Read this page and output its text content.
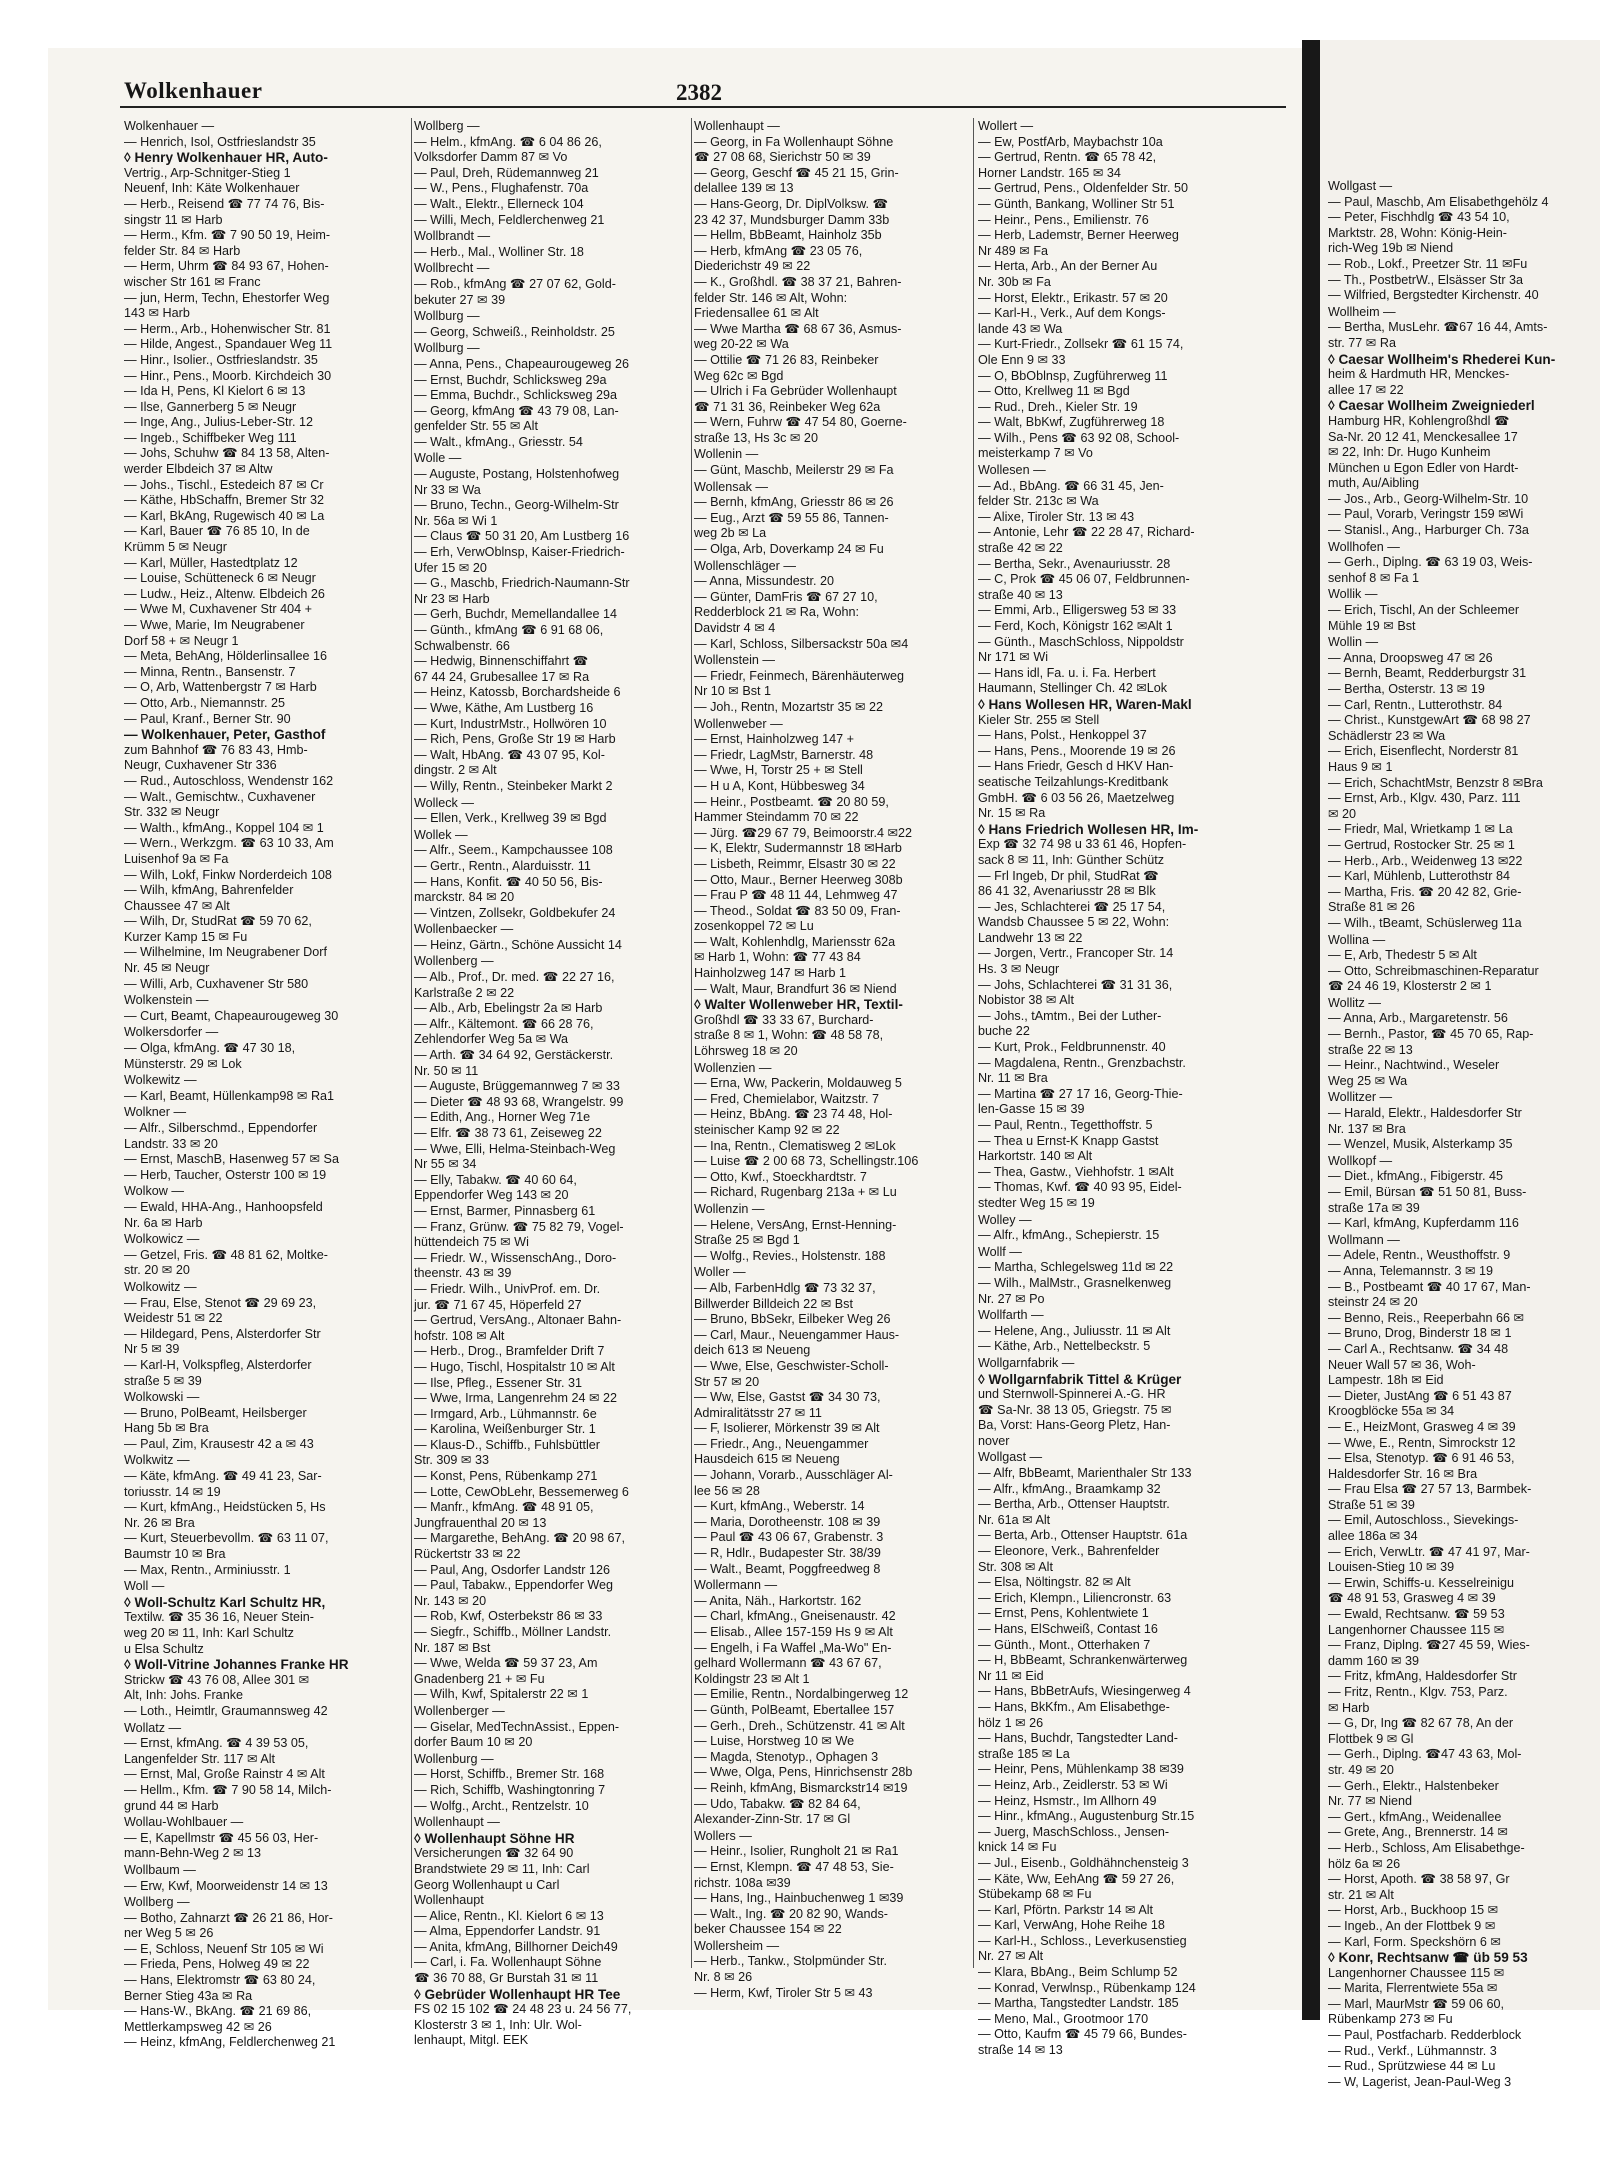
Wolkenhauer	2382
Wolkenhauer —
— Henrich, Isol, Ostfrieslandstr 35
◊ Henry Wolkenhauer HR, Auto-
Vertrig., Arp-Schnitger-Stieg 1
Neuenf, Inh: Käte Wolkenhauer
— Herb., Reisend ☎ 77 74 76, Bis-
singstr 11 ✉ Harb
— Herm., Kfm. ☎ 7 90 50 19, Heim-
felder Str. 84 ✉ Harb
— Herm, Uhrm ☎ 84 93 67, Hohen-
wischer Str 161 ✉ Franc
— jun, Herm, Techn, Ehestorfer Weg
143 ✉ Harb
— Herm., Arb., Hohenwischer Str. 81
— Hilde, Angest., Spandauer Weg 11
— Hinr., Isolier., Ostfrieslandstr. 35
— Hinr., Pens., Moorb. Kirchdeich 30
— Ida H, Pens, Kl Kielort 6 ✉ 13
— Ilse, Gannerberg 5 ✉ Neugr
— Inge, Ang., Julius-Leber-Str. 12
— Ingeb., Schiffbeker Weg 111
— Johs, Schuhw ☎ 84 13 58, Alten-
werder Elbdeich 37 ✉ Altw
— Johs., Tischl., Estedeich 87 ✉ Cr
— Käthe, HbSchaffn, Bremer Str 32
— Karl, BkAng, Rugewisch 40 ✉ La
— Karl, Bauer ☎ 76 85 10, In de
Krümm 5 ✉ Neugr
— Karl, Müller, Hastedtplatz 12
— Louise, Schütteneck 6 ✉ Neugr
— Ludw., Heiz., Altenw. Elbdeich 26
— Wwe M, Cuxhavener Str 404 +
— Wwe, Marie, Im Neugrabener
Dorf 58 + ✉ Neugr 1
— Meta, BehAng, Hölderlinsallee 16
— Minna, Rentn., Bansenstr. 7
— O, Arb, Wattenbergstr 7 ✉ Harb
— Otto, Arb., Niemannstr. 25
— Paul, Kranf., Berner Str. 90
— Wolkenhauer, Peter, Gasthof
zum Bahnhof ☎ 76 83 43, Hmb-
Neugr, Cuxhavener Str 336
— Rud., Autoschloss, Wendenstr 162
— Walt., Gemischtw., Cuxhavener
Str. 332 ✉ Neugr
— Walth., kfmAng., Koppel 104 ✉ 1
— Wern., Werkzgm. ☎ 63 10 33, Am
Luisenhof 9a ✉ Fa
— Wilh, Lokf, Finkw Norderdeich 108
— Wilh, kfmAng, Bahrenfelder
Chaussee 47 ✉ Alt
— Wilh, Dr, StudRat ☎ 59 70 62,
Kurzer Kamp 15 ✉ Fu
— Wilhelmine, Im Neugrabener Dorf
Nr. 45 ✉ Neugr
— Willi, Arb, Cuxhavener Str 580
Wolkenstein —
— Curt, Beamt, Chapeaurougeweg 30
Wolkersdorfer —
— Olga, kfmAng. ☎ 47 30 18,
Münsterstr. 29 ✉ Lok
Wolkewitz —
— Karl, Beamt, Hüllenkamp98 ✉ Ra1
Wolkner —
— Alfr., Silberschmd., Eppendorfer
Landstr. 33 ✉ 20
— Ernst, MaschB, Hasenweg 57 ✉ Sa
— Herb, Taucher, Osterstr 100 ✉ 19
Wolkow —
— Ewald, HHA-Ang., Hanhoopsfeld
Nr. 6a ✉ Harb
Wolkowicz —
— Getzel, Fris. ☎ 48 81 62, Moltke-
str. 20 ✉ 20
Wolkowitz —
— Frau, Else, Stenot ☎ 29 69 23,
Weidestr 51 ✉ 22
— Hildegard, Pens, Alsterdorfer Str
Nr 5 ✉ 39
— Karl-H, Volkspfleg, Alsterdorfer
straße 5 ✉ 39
Wolkowski —
— Bruno, PolBeamt, Heilsberger
Hang 5b ✉ Bra
— Paul, Zim, Krausestr 42 a ✉ 43
Wolkwitz —
— Käte, kfmAng. ☎ 49 41 23, Sar-
toriusstr. 14 ✉ 19
— Kurt, kfmAng., Heidstücken 5, Hs
Nr. 26 ✉ Bra
— Kurt, Steuerbevollm. ☎ 63 11 07,
Baumstr 10 ✉ Bra
— Max, Rentn., Arminiusstr. 1
Woll —
◊ Woll-Schultz Karl Schultz HR,
Textilw. ☎ 35 36 16, Neuer Stein-
weg 20 ✉ 11, Inh: Karl Schultz
u Elsa Schultz
◊ Woll-Vitrine Johannes Franke HR
Strickw ☎ 43 76 08, Allee 301 ✉
Alt, Inh: Johs. Franke
— Loth., Heimtlr, Graumannsweg 42
Wollatz —
— Ernst, kfmAng. ☎ 4 39 53 05,
Langenfelder Str. 117 ✉ Alt
— Ernst, Mal, Große Rainstr 4 ✉ Alt
— Hellm., Kfm. ☎ 7 90 58 14, Milch-
grund 44 ✉ Harb
Wollau-Wohlbauer —
— E, Kapellmstr ☎ 45 56 03, Her-
mann-Behn-Weg 2 ✉ 13
Wollbaum —
— Erw, Kwf, Moorweidenstr 14 ✉ 13
Wollberg —
— Botho, Zahnarzt ☎ 26 21 86, Hor-
ner Weg 5 ✉ 26
— E, Schloss, Neuenf Str 105 ✉ Wi
— Frieda, Pens, Holweg 49 ✉ 22
— Hans, Elektromstr ☎ 63 80 24,
Berner Stieg 43a ✉ Ra
— Hans-W., BkAng. ☎ 21 69 86,
Mettlerkampsweg 42 ✉ 26
— Heinz, kfmAng, Feldlerchenweg 21
Wollberg —
— Helm., kfmAng. ☎ 6 04 86 26,
Volksdorfer Damm 87 ✉ Vo
— Paul, Dreh, Rüdemannweg 21
— W., Pens., Flughafenstr. 70a
— Walt., Elektr., Ellerneck 104
— Willi, Mech, Feldlerchenweg 21
Wollbrandt —
— Herb., Mal., Wolliner Str. 18
Wollbrecht —
— Rob., kfmAng ☎ 27 07 62, Gold-
bekuter 27 ✉ 39
Wollburg —
— Georg, Schweiß., Reinholdstr. 25
Wollburg —
— Anna, Pens., Chapeaurougeweg 26
— Ernst, Buchdr, Schlicksweg 29a
— Emma, Buchdr., Schlicksweg 29a
— Georg, kfmAng ☎ 43 79 08, Lan-
genfelder Str. 55 ✉ Alt
— Walt., kfmAng., Griesstr. 54
Wolle —
— Auguste, Postang, Holstenhofweg
Nr 33 ✉ Wa
— Bruno, Techn., Georg-Wilhelm-Str
Nr. 56a ✉ Wi 1
— Claus ☎ 50 31 20, Am Lustberg 16
— Erh, VerwOblnsp, Kaiser-Friedrich-
Ufer 15 ✉ 20
— G., Maschb, Friedrich-Naumann-Str
Nr 23 ✉ Harb
— Gerh, Buchdr, Memellandallee 14
— Günth., kfmAng ☎ 6 91 68 06,
Schwalbenstr. 66
— Hedwig, Binnenschiffahrt ☎
67 44 24, Grubesallee 17 ✉ Ra
— Heinz, Katossb, Borchardsheide 6
— Wwe, Käthe, Am Lustberg 16
— Kurt, IndustrMstr., Hollwören 10
— Rich, Pens, Große Str 19 ✉ Harb
— Walt, HbAng. ☎ 43 07 95, Kol-
dingstr. 2 ✉ Alt
— Willy, Rentn., Steinbeker Markt 2
Wolleck —
— Ellen, Verk., Krellweg 39 ✉ Bgd
Wollek —
— Alfr., Seem., Kampchaussee 108
— Gertr., Rentn., Alarduisstr. 11
— Hans, Konfit. ☎ 40 50 56, Bis-
marckstr. 84 ✉ 20
— Vintzen, Zollsekr, Goldbekufer 24
Wollenbaecker —
— Heinz, Gärtn., Schöne Aussicht 14
Wollenberg —
— Alb., Prof., Dr. med. ☎ 22 27 16,
Karlstraße 2 ✉ 22
— Alb., Arb, Ebelingstr 2a ✉ Harb
— Alfr., Kältemont. ☎ 66 28 76,
Zehlendorfer Weg 5a ✉ Wa
— Arth. ☎ 34 64 92, Gerstäckerstr.
Nr. 50 ✉ 11
— Auguste, Brüggemannweg 7 ✉ 33
— Dieter ☎ 48 93 68, Wrangelstr. 99
— Edith, Ang., Horner Weg 71e
— Elfr. ☎ 38 73 61, Zeiseweg 22
— Wwe, Elli, Helma-Steinbach-Weg
Nr 55 ✉ 34
— Elly, Tabakw. ☎ 40 60 64,
Eppendorfer Weg 143 ✉ 20
— Ernst, Barmer, Pinnasberg 61
— Franz, Grünw. ☎ 75 82 79, Vogel-
hüttendeich 75 ✉ Wi
— Friedr. W., WissenschAng., Doro-
theenstr. 43 ✉ 39
— Friedr. Wilh., UnivProf. em. Dr.
jur. ☎ 71 67 45, Höperfeld 27
— Gertrud, VersAng., Altonaer Bahn-
hofstr. 108 ✉ Alt
— Herb., Drog., Bramfelder Drift 7
— Hugo, Tischl, Hospitalstr 10 ✉ Alt
— Ilse, Pfleg., Essener Str. 31
— Wwe, Irma, Langenrehm 24 ✉ 22
— Irmgard, Arb., Lühmannstr. 6e
— Karolina, Weißenburger Str. 1
— Klaus-D., Schiffb., Fuhlsbüttler
Str. 309 ✉ 33
— Konst, Pens, Rübenkamp 271
— Lotte, CewObLehr, Bessemerweg 6
— Manfr., kfmAng. ☎ 48 91 05,
Jungfrauenthal 20 ✉ 13
— Margarethe, BehAng. ☎ 20 98 67,
Rückertstr 33 ✉ 22
— Paul, Ang, Osdorfer Landstr 126
— Paul, Tabakw., Eppendorfer Weg
Nr. 143 ✉ 20
— Rob, Kwf, Osterbekstr 86 ✉ 33
— Siegfr., Schiffb., Möllner Landstr.
Nr. 187 ✉ Bst
— Wwe, Welda ☎ 59 37 23, Am
Gnadenberg 21 + ✉ Fu
— Wilh, Kwf, Spitalerstr 22 ✉ 1
Wollenberger —
— Giselar, MedTechnAssist., Eppen-
dorfer Baum 10 ✉ 20
Wollenburg —
— Horst, Schiffb., Bremer Str. 168
— Rich, Schiffb, Washingtonring 7
— Wolfg., Archt., Rentzelstr. 10
Wollenhaupt —
◊ Wollenhaupt Söhne HR
Versicherungen ☎ 32 64 90
Brandstwiete 29 ✉ 11, Inh: Carl
Georg Wollenhaupt u Carl
Wollenhaupt
— Alice, Rentn., Kl. Kielort 6 ✉ 13
— Alma, Eppendorfer Landstr. 91
— Anita, kfmAng, Billhorner Deich49
— Carl, i. Fa. Wollenhaupt Söhne
☎ 36 70 88, Gr Burstah 31 ✉ 11
◊ Gebrüder Wollenhaupt HR Tee
FS 02 15 102 ☎ 24 48 23 u. 24 56 77,
Klosterstr 3 ✉ 1, Inh: Ulr. Wol-
lenhaupt, Mitgl. EEK
Wollenhaupt —
— Georg, in Fa Wollenhaupt Söhne
☎ 27 08 68, Sierichstr 50 ✉ 39
— Georg, Geschf ☎ 45 21 15, Grin-
delallee 139 ✉ 13
— Hans-Georg, Dr. DiplVolksw. ☎
23 42 37, Mundsburger Damm 33b
— Hellm, BbBeamt, Hainholz 35b
— Herb, kfmAng ☎ 23 05 76,
Diederichstr 49 ✉ 22
— K., Großhdl. ☎ 38 37 21, Bahren-
felder Str. 146 ✉ Alt, Wohn:
Friedensallee 61 ✉ Alt
— Wwe Martha ☎ 68 67 36, Asmus-
weg 20-22 ✉ Wa
— Ottilie ☎ 71 26 83, Reinbeker
Weg 62c ✉ Bgd
— Ulrich i Fa Gebrüder Wollenhaupt
☎ 71 31 36, Reinbeker Weg 62a
— Wern, Fuhrw ☎ 47 54 80, Goerne-
straße 13, Hs 3c ✉ 20
Wollenin —
— Günt, Maschb, Meilerstr 29 ✉ Fa
Wollensak —
— Bernh, kfmAng, Griesstr 86 ✉ 26
— Eug., Arzt ☎ 59 55 86, Tannen-
weg 2b ✉ La
— Olga, Arb, Doverkamp 24 ✉ Fu
Wollenschläger —
— Anna, Missundestr. 20
— Günter, DamFris ☎ 67 27 10,
Redderblock 21 ✉ Ra, Wohn:
Davidstr 4 ✉ 4
— Karl, Schloss, Silbersackstr 50a ✉4
Wollenstein —
— Friedr, Feinmech, Bärenhäuterweg
Nr 10 ✉ Bst 1
— Joh., Rentn, Mozartstr 35 ✉ 22
Wollenweber —
— Ernst, Hainholzweg 147 +
— Friedr, LagMstr, Barnerstr. 48
— Wwe, H, Torstr 25 + ✉ Stell
— H u A, Kont, Hübbesweg 34
— Heinr., Postbeamt. ☎ 20 80 59,
Hammer Steindamm 70 ✉ 22
— Jürg. ☎29 67 79, Beimoorstr.4 ✉22
— K, Elektr, Sudermannstr 18 ✉Harb
— Lisbeth, Reimmr, Elsastr 30 ✉ 22
— Otto, Maur., Berner Heerweg 308b
— Frau P ☎ 48 11 44, Lehmweg 47
— Theod., Soldat ☎ 83 50 09, Fran-
zosenkoppel 72 ✉ Lu
— Walt, Kohlenhdlg, Mariensstr 62a
✉ Harb 1, Wohn: ☎ 77 43 84
Hainholzweg 147 ✉ Harb 1
— Walt, Maur, Brandfurt 36 ✉ Niend
◊ Walter Wollenweber HR, Textil-
Großhdl ☎ 33 33 67, Burchard-
straße 8 ✉ 1, Wohn: ☎ 48 58 78,
Löhrsweg 18 ✉ 20
Wollenzien —
— Erna, Ww, Packerin, Moldauweg 5
— Fred, Chemielabor, Waitzstr. 7
— Heinz, BbAng. ☎ 23 74 48, Hol-
steinischer Kamp 92 ✉ 22
— Ina, Rentn., Clematisweg 2 ✉Lok
— Luise ☎ 2 00 68 73, Schellingstr.106
— Otto, Kwf., Stoeckhardtstr. 7
— Richard, Rugenbarg 213a + ✉ Lu
Wollenzin —
— Helene, VersAng, Ernst-Henning-
Straße 25 ✉ Bgd 1
— Wolfg., Revies., Holstenstr. 188
Woller —
— Alb, FarbenHdlg ☎ 73 32 37,
Billwerder Billdeich 22 ✉ Bst
— Bruno, BbSekr, Eilbeker Weg 26
— Carl, Maur., Neuengammer Haus-
deich 613 ✉ Neueng
— Wwe, Else, Geschwister-Scholl-
Str 57 ✉ 20
— Ww, Else, Gastst ☎ 34 30 73,
Admiralitätsstr 27 ✉ 11
— F, Isolierer, Mörkenstr 39 ✉ Alt
— Friedr., Ang., Neuengammer
Hausdeich 615 ✉ Neueng
— Johann, Vorarb., Ausschläger Al-
lee 56 ✉ 28
— Kurt, kfmAng., Weberstr. 14
— Maria, Dorotheenstr. 108 ✉ 39
— Paul ☎ 43 06 67, Grabenstr. 3
— R, Hdlr., Budapester Str. 38/39
— Walt., Beamt, Poggfreedweg 8
Wollermann —
— Anita, Näh., Harkortstr. 162
— Charl, kfmAng., Gneisenaustr. 42
— Elisab., Allee 157-159 Hs 9 ✉ Alt
— Engelh, i Fa Waffel „Ma-Wo" En-
gelhard Wollermann ☎ 43 67 67,
Koldingstr 23 ✉ Alt 1
— Emilie, Rentn., Nordalbingerweg 12
— Günth, PolBeamt, Ebertallee 157
— Gerh., Dreh., Schützenstr. 41 ✉ Alt
— Luise, Horstweg 10 ✉ We
— Magda, Stenotyp., Ophagen 3
— Wwe, Olga, Pens, Hinrichsenstr 28b
— Reinh, kfmAng, Bismarckstr14 ✉19
— Udo, Tabakw. ☎ 82 84 64,
Alexander-Zinn-Str. 17 ✉ Gl
Wollers —
— Heinr., Isolier, Rungholt 21 ✉ Ra1
— Ernst, Klempn. ☎ 47 48 53, Sie-
richstr. 108a ✉39
— Hans, Ing., Hainbuchenweg 1 ✉39
— Walt., Ing. ☎ 20 82 90, Wands-
beker Chaussee 154 ✉ 22
Wollersheim —
— Herb., Tankw., Stolpmünder Str.
Nr. 8 ✉ 26
— Herm, Kwf, Tiroler Str 5 ✉ 43
Wollert —
— Ew, PostfArb, Maybachstr 10a
— Gertrud, Rentn. ☎ 65 78 42,
Horner Landstr. 165 ✉ 34
— Gertrud, Pens., Oldenfelder Str. 50
— Günth, Bankang, Wolliner Str 51
— Heinr., Pens., Emilienstr. 76
— Herb, Lademstr, Berner Heerweg
Nr 489 ✉ Fa
— Herta, Arb., An der Berner Au
Nr. 30b ✉ Fa
— Horst, Elektr., Erikastr. 57 ✉ 20
— Karl-H., Verk., Auf dem Kongs-
lande 43 ✉ Wa
— Kurt-Friedr., Zollsekr ☎ 61 15 74,
Ole Enn 9 ✉ 33
— O, BbOblnsp, Zugführerweg 11
— Otto, Krellweg 11 ✉ Bgd
— Rud., Dreh., Kieler Str. 19
— Walt, BbKwf, Zugführerweg 18
— Wilh., Pens ☎ 63 92 08, School-
meisterkamp 7 ✉ Vo
Wollesen —
— Ad., BbAng. ☎ 66 31 45, Jen-
felder Str. 213c ✉ Wa
— Alixe, Tiroler Str. 13 ✉ 43
— Antonie, Lehr ☎ 22 28 47, Richard-
straße 42 ✉ 22
— Bertha, Sekr., Avenauriusstr. 28
— C, Prok ☎ 45 06 07, Feldbrunnen-
straße 40 ✉ 13
— Emmi, Arb., Elligersweg 53 ✉ 33
— Ferd, Koch, Königstr 162 ✉Alt 1
— Günth., MaschSchloss, Nippoldstr
Nr 171 ✉ Wi
— Hans idl, Fa. u. i. Fa. Herbert
Haumann, Stellinger Ch. 42 ✉Lok
◊ Hans Wollesen HR, Waren-Makl
Kieler Str. 255 ✉ Stell
— Hans, Polst., Henkoppel 37
— Hans, Pens., Moorende 19 ✉ 26
— Hans Friedr, Gesch d HKV Han-
seatische Teilzahlungs-Kreditbank
GmbH. ☎ 6 03 56 26, Maetzelweg
Nr. 15 ✉ Ra
◊ Hans Friedrich Wollesen HR, Im-
Exp ☎ 32 74 98 u 33 61 46, Hopfen-
sack 8 ✉ 11, Inh: Günther Schütz
— Frl Ingeb, Dr phil, StudRat ☎
86 41 32, Avenariusstr 28 ✉ Blk
— Jes, Schlachterei ☎ 25 17 54,
Wandsb Chaussee 5 ✉ 22, Wohn:
Landwehr 13 ✉ 22
— Jorgen, Vertr., Francoper Str. 14
Hs. 3 ✉ Neugr
— Johs, Schlachterei ☎ 31 31 36,
Nobistor 38 ✉ Alt
— Johs., tAmtm., Bei der Luther-
buche 22
— Kurt, Prok., Feldbrunnenstr. 40
— Magdalena, Rentn., Grenzbachstr.
Nr. 11 ✉ Bra
— Martina ☎ 27 17 16, Georg-Thie-
len-Gasse 15 ✉ 39
— Paul, Rentn., Tegetthoffstr. 5
— Thea u Ernst-K Knapp Gastst
Harkortstr. 140 ✉ Alt
— Thea, Gastw., Viehhofstr. 1 ✉Alt
— Thomas, Kwf. ☎ 40 93 95, Eidel-
stedter Weg 15 ✉ 19
Wolley —
— Alfr., kfmAng., Schepierstr. 15
Wollf —
— Martha, Schlegelsweg 11d ✉ 22
— Wilh., MalMstr., Grasnelkenweg
Nr. 27 ✉ Po
Wollfarth —
— Helene, Ang., Juliusstr. 11 ✉ Alt
— Käthe, Arb., Nettelbeckstr. 5
Wollgarnfabrik —
◊ Wollgarnfabrik Tittel & Krüger
und Sternwoll-Spinnerei A.-G. HR
☎ Sa-Nr. 38 13 05, Griegstr. 75 ✉
Ba, Vorst: Hans-Georg Pletz, Han-
nover
Wollgast —
— Alfr, BbBeamt, Marienthaler Str 133
— Alfr., kfmAng., Braamkamp 32
— Bertha, Arb., Ottenser Hauptstr.
Nr. 61a ✉ Alt
— Berta, Arb., Ottenser Hauptstr. 61a
— Eleonore, Verk., Bahrenfelder
Str. 308 ✉ Alt
— Elsa, Nöltingstr. 82 ✉ Alt
— Erich, Klempn., Liliencronstr. 63
— Ernst, Pens, Kohlentwiete 1
— Hans, ElSchweiß, Contast 16
— Günth., Mont., Otterhaken 7
— H, BbBeamt, Schrankenwärterweg
Nr 11 ✉ Eid
— Hans, BbBetrAufs, Wiesingerweg 4
— Hans, BkKfm., Am Elisabethge-
hölz 1 ✉ 26
— Hans, Buchdr, Tangstedter Land-
straße 185 ✉ La
— Heinr, Pens, Mühlenkamp 38 ✉39
— Heinz, Arb., Zeidlerstr. 53 ✉ Wi
— Heinz, Hsmstr., Im Allhorn 49
— Hinr., kfmAng., Augustenburg Str.15
— Juerg, MaschSchloss., Jensen-
knick 14 ✉ Fu
— Jul., Eisenb., Goldhähnchensteig 3
— Käte, Ww, EehAng ☎ 59 27 26,
Stübekamp 68 ✉ Fu
— Karl, Pförtn. Parkstr 14 ✉ Alt
— Karl, VerwAng, Hohe Reihe 18
— Karl-H., Schloss., Leverkusenstieg
Nr. 27 ✉ Alt
— Klara, BbAng., Beim Schlump 52
— Konrad, Verwlnsp., Rübenkamp 124
— Martha, Tangstedter Landstr. 185
— Meno, Mal., Grootmoor 170
— Otto, Kaufm ☎ 45 79 66, Bundes-
straße 14 ✉ 13
Wollgast —
— Paul, Maschb, Am Elisabethgehölz 4
— Peter, Fischhdlg ☎ 43 54 10,
Marktstr. 28, Wohn: König-Hein-
rich-Weg 19b ✉ Niend
— Rob., Lokf., Preetzer Str. 11 ✉Fu
— Th., PostbetrW., Elsässer Str 3a
— Wilfried, Bergstedter Kirchenstr. 40
Wollheim —
— Bertha, MusLehr. ☎67 16 44, Amts-
str. 77 ✉ Ra
◊ Caesar Wollheim's Rhederei Kun-
heim & Hardmuth HR, Menckes-
allee 17 ✉ 22
◊ Caesar Wollheim Zweigniederl
Hamburg HR, Kohlengroßhdl ☎
Sa-Nr. 20 12 41, Menckesallee 17
✉ 22, Inh: Dr. Hugo Kunheim
München u Egon Edler von Hardt-
muth, Au/Aibling
— Jos., Arb., Georg-Wilhelm-Str. 10
— Paul, Vorarb, Veringstr 159 ✉Wi
— Stanisl., Ang., Harburger Ch. 73a
Wollhofen —
— Gerh., Diplng. ☎ 63 19 03, Weis-
senhof 8 ✉ Fa 1
Wollik —
— Erich, Tischl, An der Schleemer
Mühle 19 ✉ Bst
Wollin —
— Anna, Droopsweg 47 ✉ 26
— Bernh, Beamt, Redderburgstr 31
— Bertha, Osterstr. 13 ✉ 19
— Carl, Rentn., Lutterothstr. 84
— Christ., KunstgewArt ☎ 68 98 27
Schädlerstr 23 ✉ Wa
— Erich, Eisenflecht, Norderstr 81
Haus 9 ✉ 1
— Erich, SchachtMstr, Benzstr 8 ✉Bra
— Ernst, Arb., Klgv. 430, Parz. 111
✉ 20
— Friedr, Mal, Wrietkamp 1 ✉ La
— Gertrud, Rostocker Str. 25 ✉ 1
— Herb., Arb., Weidenweg 13 ✉22
— Karl, Mühlenb, Lutterothstr 84
— Martha, Fris. ☎ 20 42 82, Grie-
Straße 81 ✉ 26
— Wilh., tBeamt, Schüslerweg 11a
Wollina —
— E, Arb, Thedestr 5 ✉ Alt
— Otto, Schreibmaschinen-Reparatur
☎ 24 46 19, Klosterstr 2 ✉ 1
Wollitz —
— Anna, Arb., Margaretenstr. 56
— Bernh., Pastor, ☎ 45 70 65, Rap-
straße 22 ✉ 13
— Heinr., Nachtwind., Weseler
Weg 25 ✉ Wa
Wollitzer —
— Harald, Elektr., Haldesdorfer Str
Nr. 137 ✉ Bra
— Wenzel, Musik, Alsterkamp 35
Wollkopf —
— Diet., kfmAng., Fibigerstr. 45
— Emil, Bürsan ☎ 51 50 81, Buss-
straße 17a ✉ 39
— Karl, kfmAng, Kupferdamm 116
Wollmann —
— Adele, Rentn., Weusthoffstr. 9
— Anna, Telemannstr. 3 ✉ 19
— B., Postbeamt ☎ 40 17 67, Man-
steinstr 24 ✉ 20
— Benno, Reis., Reeperbahn 66 ✉
— Bruno, Drog, Binderstr 18 ✉ 1
— Carl A., Rechtsanw. ☎ 34 48
Neuer Wall 57 ✉ 36, Woh-
Lampestr. 18h ✉ Eid
— Dieter, JustAng ☎ 6 51 43 87
Kroogblöcke 55a ✉ 34
— E., HeizMont, Grasweg 4 ✉ 39
— Wwe, E., Rentn, Simrockstr 12
— Elsa, Stenotyp. ☎ 6 91 46 53,
Haldesdorfer Str. 16 ✉ Bra
— Frau Elsa ☎ 27 57 13, Barmbek-
Straße 51 ✉ 39
— Emil, Autoschloss., Sievekings-
allee 186a ✉ 34
— Erich, VerwLtr. ☎ 47 41 97, Mar-
Louisen-Stieg 10 ✉ 39
— Erwin, Schiffs-u. Kesselreinigu
☎ 48 91 53, Grasweg 4 ✉ 39
— Ewald, Rechtsanw. ☎ 59 53
Langenhorner Chaussee 115 ✉
— Franz, Diplng. ☎27 45 59, Wies-
damm 160 ✉ 39
— Fritz, kfmAng, Haldesdorfer Str
— Fritz, Rentn., Klgv. 753, Parz.
✉ Harb
— G, Dr, Ing ☎ 82 67 78, An der
Flottbek 9 ✉ Gl
— Gerh., Diplng. ☎47 43 63, Mol-
str. 49 ✉ 20
— Gerh., Elektr., Halstenbeker
Nr. 77 ✉ Niend
— Gert., kfmAng., Weidenallee
— Grete, Ang., Brennerstr. 14 ✉
— Herb., Schloss, Am Elisabethge-
hölz 6a ✉ 26
— Horst, Apoth. ☎ 38 58 97, Gr
str. 21 ✉ Alt
— Horst, Arb., Buckhoop 15 ✉
— Ingeb., An der Flottbek 9 ✉
— Karl, Form. Speckshörn 6 ✉
◊ Konr, Rechtsanw ☎ üb 59 53
Langenhorner Chaussee 115 ✉
— Marita, Flerrentwiete 55a ✉
— Marl, MaurMstr ☎ 59 06 60,
Rübenkamp 273 ✉ Fu
— Paul, Postfacharb. Redderblock
— Rud., Verkf., Lühmannstr. 3
— Rud., Sprützwiese 44 ✉ Lu
— W, Lagerist, Jean-Paul-Weg 3
